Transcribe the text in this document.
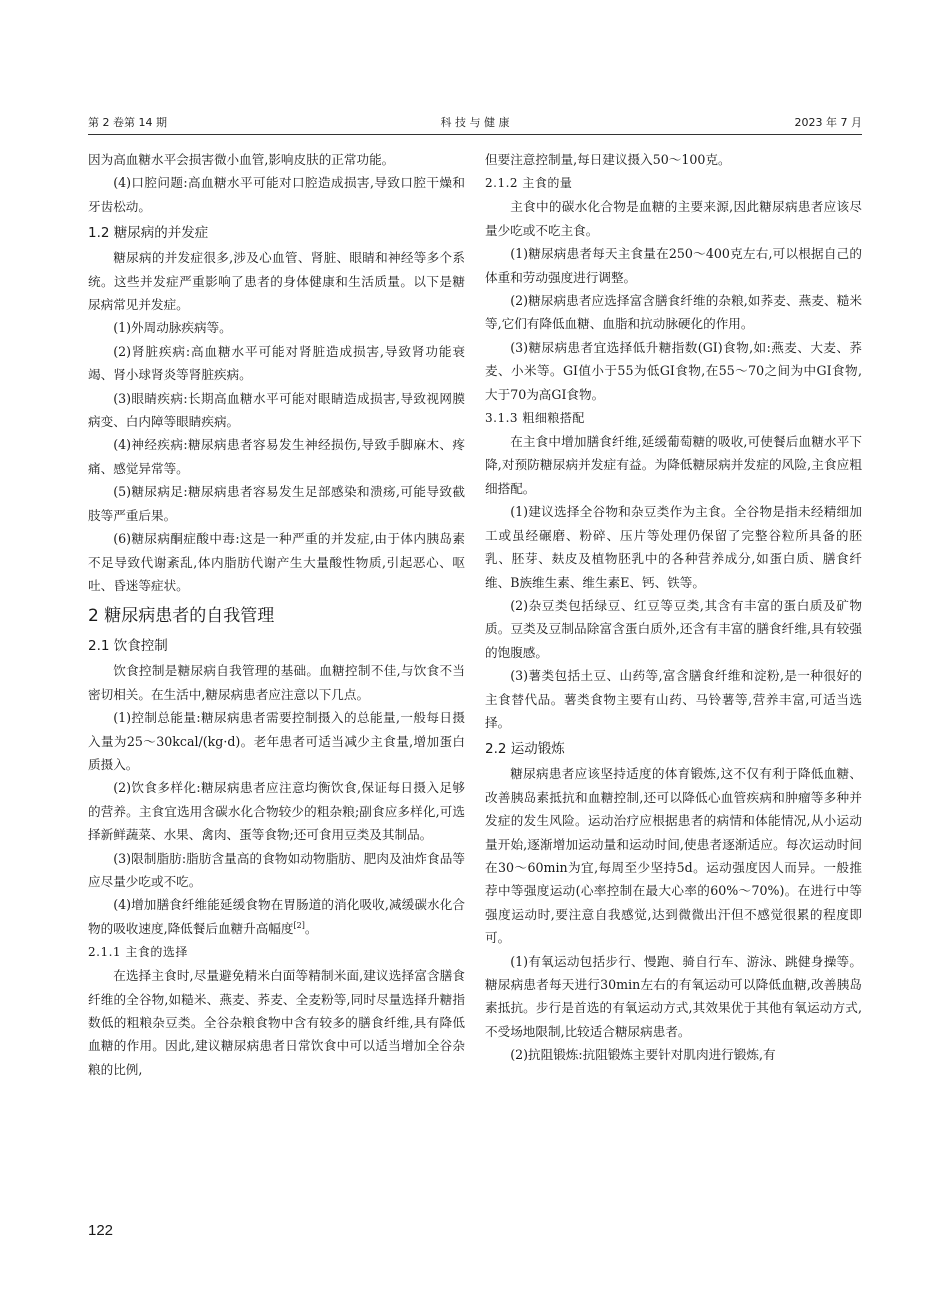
第 2 卷第 14 期	科 技 与 健 康	2023 年 7 月

因为高血糖水平会损害微小血管,影响皮肤的正常功能。

(4)口腔问题:高血糖水平可能对口腔造成损害,导致口腔干燥和牙齿松动。

1.2 糖尿病的并发症

糖尿病的并发症很多,涉及心血管、肾脏、眼睛和神经等多个系统。这些并发症严重影响了患者的身体健康和生活质量。以下是糖尿病常见并发症。

(1)外周动脉疾病等。

(2)肾脏疾病:高血糖水平可能对肾脏造成损害,导致肾功能衰竭、肾小球肾炎等肾脏疾病。

(3)眼睛疾病:长期高血糖水平可能对眼睛造成损害,导致视网膜病变、白内障等眼睛疾病。

(4)神经疾病:糖尿病患者容易发生神经损伤,导致手脚麻木、疼痛、感觉异常等。

(5)糖尿病足:糖尿病患者容易发生足部感染和溃疡,可能导致截肢等严重后果。

(6)糖尿病酮症酸中毒:这是一种严重的并发症,由于体内胰岛素不足导致代谢紊乱,体内脂肪代谢产生大量酸性物质,引起恶心、呕吐、昏迷等症状。

2 糖尿病患者的自我管理
2.1 饮食控制

饮食控制是糖尿病自我管理的基础。血糖控制不佳,与饮食不当密切相关。在生活中,糖尿病患者应注意以下几点。

(1)控制总能量:糖尿病患者需要控制摄入的总能量,一般每日摄入量为25～30kcal/(kg·d)。老年患者可适当减少主食量,增加蛋白质摄入。

(2)饮食多样化:糖尿病患者应注意均衡饮食,保证每日摄入足够的营养。主食宜选用含碳水化合物较少的粗杂粮;副食应多样化,可选择新鲜蔬菜、水果、禽肉、蛋等食物;还可食用豆类及其制品。

(3)限制脂肪:脂肪含量高的食物如动物脂肪、肥肉及油炸食品等应尽量少吃或不吃。

(4)增加膳食纤维能延缓食物在胃肠道的消化吸收,减缓碳水化合物的吸收速度,降低餐后血糖升高幅度[2]。

2.1.1 主食的选择

在选择主食时,尽量避免精米白面等精制米面,建议选择富含膳食纤维的全谷物,如糙米、燕麦、荞麦、全麦粉等,同时尽量选择升糖指数低的粗粮杂豆类。全谷杂粮食物中含有较多的膳食纤维,具有降低血糖的作用。因此,建议糖尿病患者日常饮食中可以适当增加全谷杂粮的比例,

但要注意控制量,每日建议摄入50～100克。

2.1.2 主食的量

主食中的碳水化合物是血糖的主要来源,因此糖尿病患者应该尽量少吃或不吃主食。

(1)糖尿病患者每天主食量在250～400克左右,可以根据自己的体重和劳动强度进行调整。

(2)糖尿病患者应选择富含膳食纤维的杂粮,如荞麦、燕麦、糙米等,它们有降低血糖、血脂和抗动脉硬化的作用。

(3)糖尿病患者宜选择低升糖指数(GI)食物,如:燕麦、大麦、荞麦、小米等。GI值小于55为低GI食物,在55～70之间为中GI食物,大于70为高GI食物。

3.1.3 粗细粮搭配

在主食中增加膳食纤维,延缓葡萄糖的吸收,可使餐后血糖水平下降,对预防糖尿病并发症有益。为降低糖尿病并发症的风险,主食应粗细搭配。

(1)建议选择全谷物和杂豆类作为主食。全谷物是指未经精细加工或虽经碾磨、粉碎、压片等处理仍保留了完整谷粒所具备的胚乳、胚芽、麸皮及植物胚乳中的各种营养成分,如蛋白质、膳食纤维、B族维生素、维生素E、钙、铁等。

(2)杂豆类包括绿豆、红豆等豆类,其含有丰富的蛋白质及矿物质。豆类及豆制品除富含蛋白质外,还含有丰富的膳食纤维,具有较强的饱腹感。

(3)薯类包括土豆、山药等,富含膳食纤维和淀粉,是一种很好的主食替代品。薯类食物主要有山药、马铃薯等,营养丰富,可适当选择。

2.2 运动锻炼

糖尿病患者应该坚持适度的体育锻炼,这不仅有利于降低血糖、改善胰岛素抵抗和血糖控制,还可以降低心血管疾病和肿瘤等多种并发症的发生风险。运动治疗应根据患者的病情和体能情况,从小运动量开始,逐渐增加运动量和运动时间,使患者逐渐适应。每次运动时间在30～60min为宜,每周至少坚持5d。运动强度因人而异。一般推荐中等强度运动(心率控制在最大心率的60%～70%)。在进行中等强度运动时,要注意自我感觉,达到微微出汗但不感觉很累的程度即可。

(1)有氧运动包括步行、慢跑、骑自行车、游泳、跳健身操等。糖尿病患者每天进行30min左右的有氧运动可以降低血糖,改善胰岛素抵抗。步行是首选的有氧运动方式,其效果优于其他有氧运动方式,不受场地限制,比较适合糖尿病患者。

(2)抗阻锻炼:抗阻锻炼主要针对肌肉进行锻炼,有

122
